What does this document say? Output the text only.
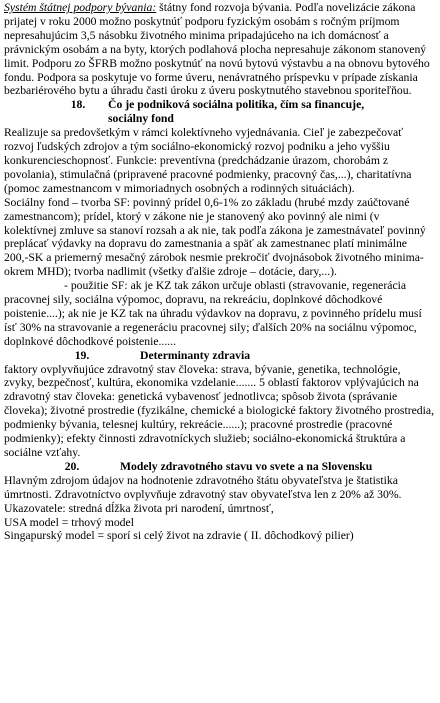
Systém štátnej podpory bývania: štátny fond rozvoja bývania. Podľa novelizácie zákona prijatej v roku 2000 možno poskytnúť podporu fyzickým osobám s ročným príjmom nepresahujúcim 3,5 násobku životného minima pripadajúceho na ich domácnosť a právnickým osobám a na byty, ktorých podlahová plocha nepresahuje zákonom stanovený limit. Podporu zo ŠFRB možno poskytnúť na novú bytovú výstavbu a na obnovu bytového fondu. Podpora sa poskytuje vo forme úveru, nenávratného príspevku v prípade získania bezbariérového bytu a úhradu časti úroku z úveru poskytnutého stavebnou sporiteľňou.

18.	Čo je podniková sociálna politika, čím sa financuje,
sociálny fond

Realizuje sa predovšetkým v rámci kolektívneho vyjednávania. Cieľ je zabezpečovať rozvoj ľudských zdrojov a tým sociálno-ekonomický rozvoj podniku a jeho vyššiu konkurencieschopnosť. Funkcie: preventívna (predchádzanie úrazom, chorobám z povolania), stimulačná (pripravené pracovné podmienky, pracovný čas,...), charitatívna (pomoc zamestnancom v mimoriadnych osobných a rodinných situáciách).

Sociálny fond – tvorba SF: povinný prídel 0,6-1% zo základu (hrubé mzdy zaúčtované zamestnancom); prídel, ktorý v zákone nie je stanovený ako povinný ale nimi (v kolektívnej zmluve sa stanoví rozsah a ak nie, tak podľa zákona je zamestnávateľ povinný preplácať výdavky na dopravu do zamestnania a späť ak zamestnanec platí minimálne 200,-SK a priemerný mesačný zárobok nesmie prekročiť dvojnásobok životného minima- okrem MHD); tvorba nadlimit (všetky ďalšie zdroje – dotácie, dary,...).

- použitie SF: ak je KZ tak zákon určuje oblasti (stravovanie, regenerácia pracovnej sily, sociálna výpomoc, dopravu, na rekreáciu, doplnkové dôchodkové poistenie....); ak nie je KZ tak na úhradu výdavkov na dopravu, z povinného prídelu musí ísť 30% na stravovanie a regeneráciu pracovnej sily; ďalších 20% na sociálnu výpomoc, doplnkové dôchodkové poistenie......

19.	Determinanty zdravia

faktory ovplyvňujúce zdravotný stav človeka: strava, bývanie, genetika, technológie, zvyky, bezpečnosť, kultúra, ekonomika vzdelanie....... 5 oblastí faktorov vplývajúcich na zdravotný stav človeka: genetická vybavenosť jednotlivca; spôsob života (správanie človeka); životné prostredie (fyzikálne, chemické a biologické faktory životného prostredia, podmienky bývania, telesnej kultúry, rekreácie......); pracovné prostredie (pracovné podmienky); efekty činnosti zdravotníckych služieb; sociálno-ekonomická štruktúra a sociálne vzťahy.

20.	Modely zdravotného stavu vo svete a na Slovensku

Hlavným zdrojom údajov na hodnotenie zdravotného štátu obyvateľstva je štatistika úmrtnosti. Zdravotníctvo ovplyvňuje zdravotný stav obyvateľstva len z 20% až 30%. Ukazovatele: stredná dĺžka života pri narodení, úmrtnosť,

USA model = trhový model

Singapurský model = sporí si celý život na zdravie ( II. dôchodkový pilier)
